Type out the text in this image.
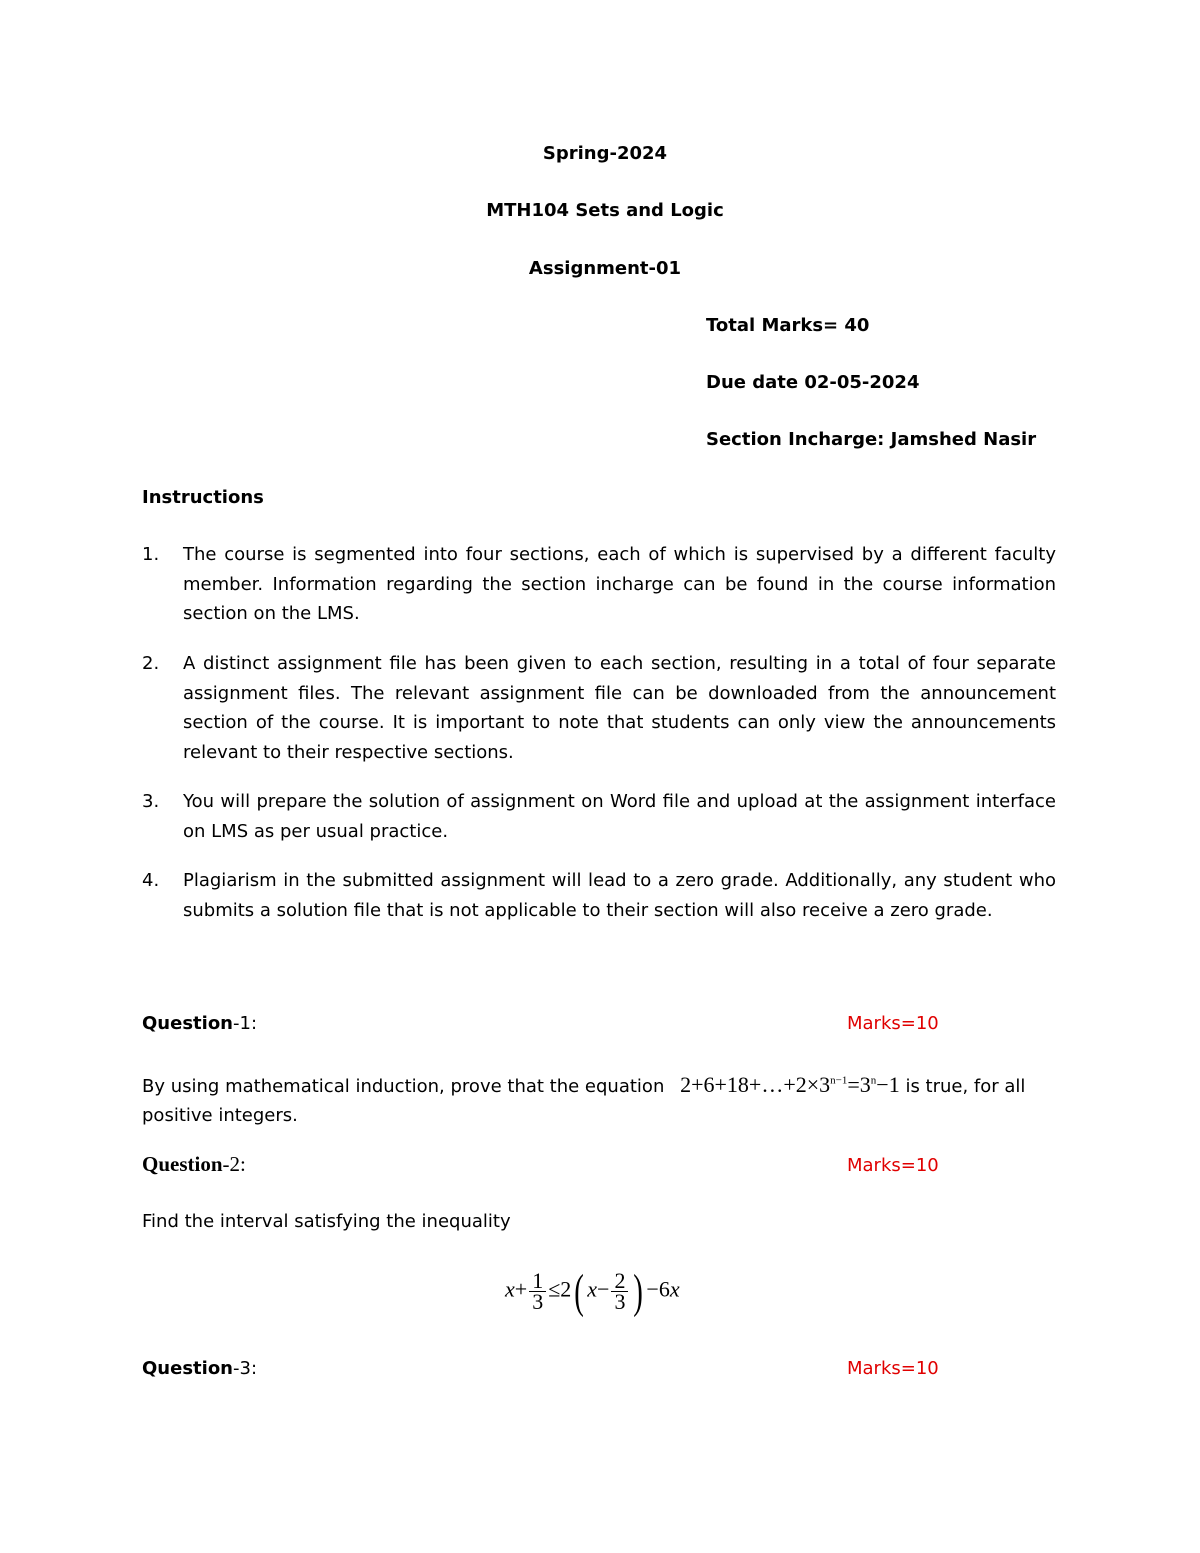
Spring-2024
MTH104 Sets and Logic
Assignment-01
Total Marks= 40
Due date 02-05-2024
Section Incharge: Jamshed Nasir
Instructions
1. The course is segmented into four sections, each of which is supervised by a different faculty member. Information regarding the section incharge can be found in the course information section on the LMS.
2. A distinct assignment file has been given to each section, resulting in a total of four separate assignment files. The relevant assignment file can be downloaded from the announcement section of the course. It is important to note that students can only view the announcements relevant to their respective sections.
3. You will prepare the solution of assignment on Word file and upload at the assignment interface on LMS as per usual practice.
4. Plagiarism in the submitted assignment will lead to a zero grade. Additionally, any student who submits a solution file that is not applicable to their section will also receive a zero grade.
Question-1:	Marks=10
By using mathematical induction, prove that the equation $2+6+18+\dots+2\times 3^{n-1}=3^n-1$ is true, for all
positive integers.
Question-2:	Marks=10
Find the interval satisfying the inequality
$x+ \frac{1}{3} \le 2$( $x- \frac{2}{3}$ ) −6x
Question-3:	Marks=10
